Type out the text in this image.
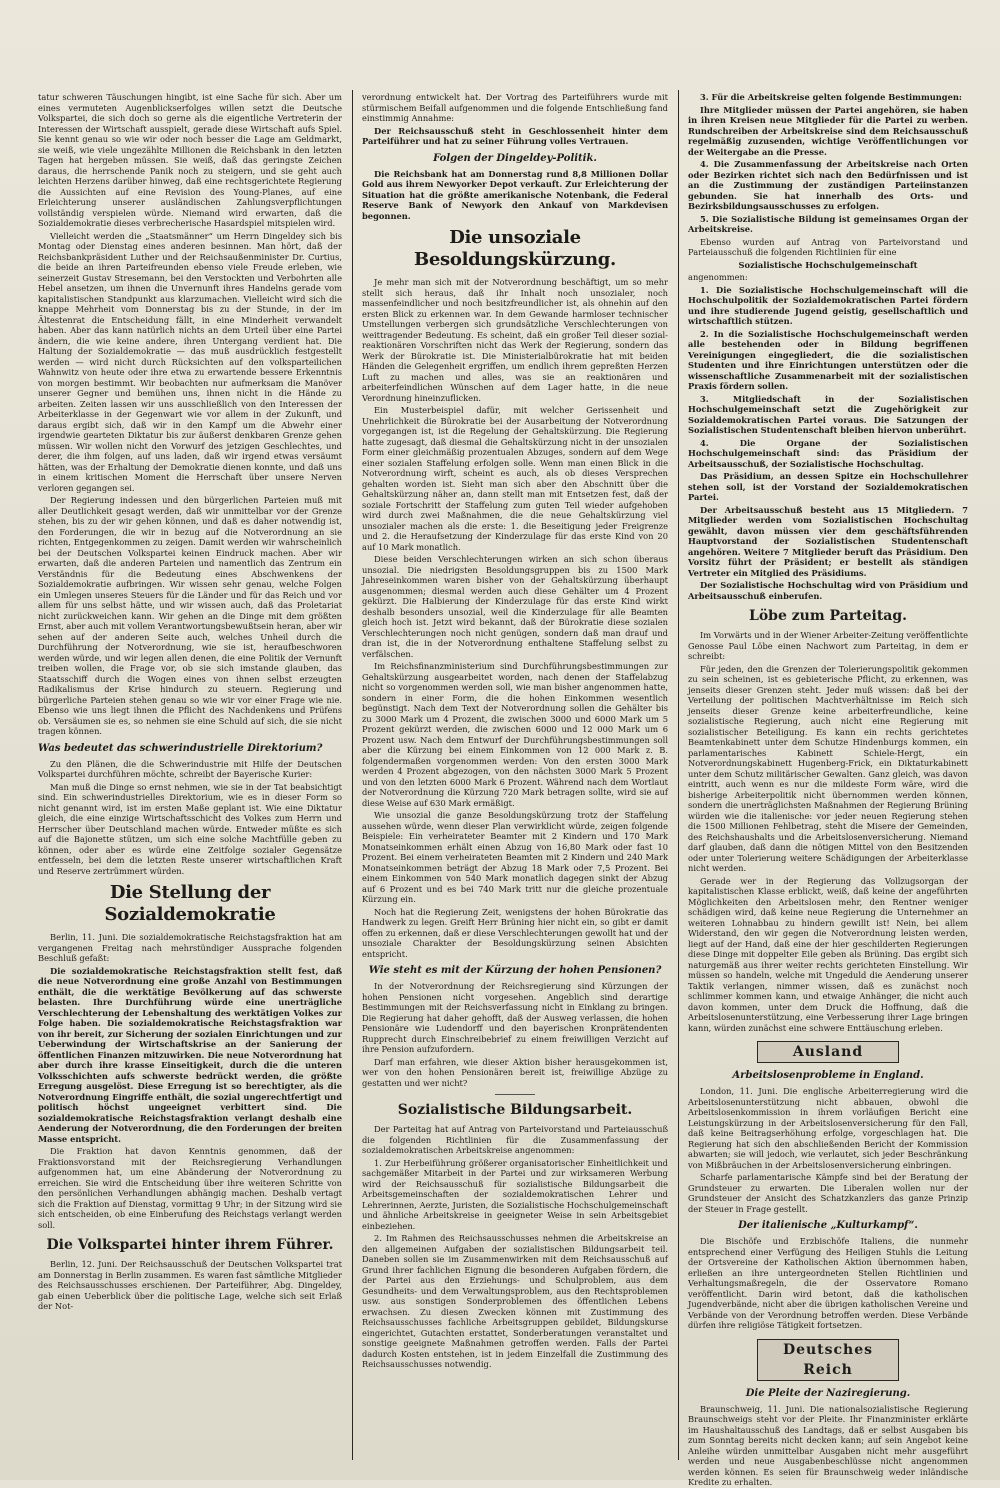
tatur schweren Täuschungen hingibt, ist eine Sache für sich. Aber um eines vermuteten Augenblickserfolges willen setzt die Deutsche Volkspartei, die sich doch so gerne als die eigentliche Vertreterin der Interessen der Wirtschaft ausspielt, gerade diese Wirtschaft aufs Spiel. Sie kennt genau so wie wir oder noch besser die Lage am Geldmarkt, sie weiß, wie viele ungezählte Millionen die Reichsbank in den letzten Tagen hat hergeben müssen. Sie weiß, daß das geringste Zeichen daraus, die herrschende Panik noch zu steigern, und sie geht auch leichten Herzens darüber hinweg, daß eine rechtsgerichtete Regierung die Aussichten auf eine Revision des Young-Planes, auf eine Erleichterung unserer ausländischen Zahlungsverpflichtungen vollständig verspielen würde. Niemand wird erwarten, daß die Sozialdemokratie dieses verbrecherische Hasardspiel mitspielen wird.

Vielleicht werden die „Staatsmänner“ um Herrn Dingeldey sich bis Montag oder Dienstag eines anderen besinnen. Man hört, daß der Reichsbankpräsident Luther und der Reichsaußenminister Dr. Curtius, die beide an ihren Parteifreunden ebenso viele Freude erleben, wie seinerzeit Gustav Stresemann, bei den Verstockten und Verbohrten alle Hebel ansetzen, um ihnen die Unvernunft ihres Handelns gerade vom kapitalistischen Standpunkt aus klarzumachen. Vielleicht wird sich die knappe Mehrheit vom Donnerstag bis zu der Stunde, in der im Ältestenrat die Entscheidung fällt, in eine Minderheit verwandelt haben. Aber das kann natürlich nichts an dem Urteil über eine Partei ändern, die wie keine andere, ihren Untergang verdient hat. Die Haltung der Sozialdemokratie — das muß ausdrücklich festgestellt werden — wird nicht durch Rücksichten auf den volksparteilichen Wahnwitz von heute oder ihre etwa zu erwartende bessere Erkenntnis von morgen bestimmt. Wir beobachten nur aufmerksam die Manöver unserer Gegner und bemühen uns, ihnen nicht in die Hände zu arbeiten. Zeiten lassen wir uns ausschließlich von den Interessen der Arbeiterklasse in der Gegenwart wie vor allem in der Zukunft, und daraus ergibt sich, daß wir in den Kampf um die Abwehr einer irgendwie gearteten Diktatur bis zur äußerst denkbaren Grenze gehen müssen. Wir wollen nicht den Vorwurf des jetzigen Geschlechtes, und derer, die ihm folgen, auf uns laden, daß wir irgend etwas versäumt hätten, was der Erhaltung der Demokratie dienen konnte, und daß uns in einem kritischen Moment die Herrschaft über unsere Nerven verloren gegangen sei.

Der Regierung indessen und den bürgerlichen Parteien muß mit aller Deutlichkeit gesagt werden, daß wir unmittelbar vor der Grenze stehen, bis zu der wir gehen können, und daß es daher notwendig ist, den Forderungen, die wir in bezug auf die Notverordnung an sie richten, Entgegenkommen zu zeigen. Damit werden wir wahrscheinlich bei der Deutschen Volkspartei keinen Eindruck machen. Aber wir erwarten, daß die anderen Parteien und namentlich das Zentrum ein Verständnis für die Bedeutung eines Abschwenkens der Sozialdemokratie aufbringen. Wir wissen sehr genau, welche Folgen ein Umlegen unseres Steuers für die Länder und für das Reich und vor allem für uns selbst hätte, und wir wissen auch, daß das Proletariat nicht zurückweichen kann. Wir gehen an die Dinge mit dem größten Ernst, aber auch mit vollem Verantwortungsbewußtsein heran, aber wir sehen auf der anderen Seite auch, welches Unheil durch die Durchführung der Notverordnung, wie sie ist, heraufbeschworen werden würde, und wir legen allen denen, die eine Politik der Vernunft treiben wollen, die Frage vor, ob sie sich imstande glauben, das Staatsschiff durch die Wogen eines von ihnen selbst erzeugten Radikalismus der Krise hindurch zu steuern. Regierung und bürgerliche Parteien stehen genau so wie wir vor einer Frage wie nie. Ebenso wie uns liegt ihnen die Pflicht des Nachdenkens und Prüfens ob. Versäumen sie es, so nehmen sie eine Schuld auf sich, die sie nicht tragen können.

Was bedeutet das schwerindustrielle Direktorium?

Zu den Plänen, die die Schwerindustrie mit Hilfe der Deutschen Volkspartei durchführen möchte, schreibt der Bayerische Kurier:

Man muß die Dinge so ernst nehmen, wie sie in der Tat beabsichtigt sind. Ein schwerindustrielles Direktorium, wie es in dieser Form so nicht genannt wird, ist im ersten Maße geplant ist. Wie eine Diktatur gleich, die eine einzige Wirtschaftsschicht des Volkes zum Herrn und Herrscher über Deutschland machen würde. Entweder müßte es sich auf die Bajonette stützen, um sich eine solche Machtfülle geben zu können, oder aber es würde eine Zeitfolge sozialer Gegensätze entfesseln, bei dem die letzten Reste unserer wirtschaftlichen Kraft und Reserve zertrümmert würden.

Die Stellung der Sozialdemokratie

Berlin, 11. Juni. Die sozialdemokratische Reichstagsfraktion hat am vergangenen Freitag nach mehrstündiger Aussprache folgenden Beschluß gefaßt:

Die sozialdemokratische Reichstagsfraktion stellt fest, daß die neue Notverordnung eine große Anzahl von Bestimmungen enthält, die die werktätige Bevölkerung auf das schwerste belasten. Ihre Durchführung würde eine unerträgliche Verschlechterung der Lebenshaltung des werktätigen Volkes zur Folge haben. Die sozialdemokratische Reichstagsfraktion war von ihr bereit, zur Sicherung der sozialen Einrichtungen und zur Ueberwindung der Wirtschaftskrise an der Sanierung der öffentlichen Finanzen mitzuwirken. Die neue Notverordnung hat aber durch ihre krasse Einseitigkeit, durch die die unteren Volksschichten aufs schwerste bedrückt werden, die größte Erregung ausgelöst. Diese Erregung ist so berechtigter, als die Notverordnung Eingriffe enthält, die sozial ungerechtfertigt und politisch höchst ungeeignet verbittert sind. Die sozialdemokratische Reichstagsfraktion verlangt deshalb eine Aenderung der Notverordnung, die den Forderungen der breiten Masse entspricht.

Die Fraktion hat davon Kenntnis genommen, daß der Fraktionsvorstand mit der Reichsregierung Verhandlungen aufgenommen hat, um eine Abänderung der Notverordnung zu erreichen. Sie wird die Entscheidung über ihre weiteren Schritte von den persönlichen Verhandlungen abhängig machen. Deshalb vertagt sich die Fraktion auf Dienstag, vormittag 9 Uhr; in der Sitzung wird sie sich entscheiden, ob eine Einberufung des Reichstags verlangt werden soll.

Die Volkspartei hinter ihrem Führer.

Berlin, 12. Juni. Der Reichsausschuß der Deutschen Volkspartei trat am Donnerstag in Berlin zusammen. Es waren fast sämtliche Mitglieder des Reichsausschusses erschienen. Der Parteiführer, Abg. Dingeldey, gab einen Ueberblick über die politische Lage, welche sich seit Erlaß der Not-

verordnung entwickelt hat. Der Vortrag des Parteiführers wurde mit stürmischem Beifall aufgenommen und die folgende Entschließung fand einstimmig Annahme:

Der Reichsausschuß steht in Geschlossenheit hinter dem Parteiführer und hat zu seiner Führung volles Vertrauen.

Folgen der Dingeldey-Politik.

Die Reichsbank hat am Donnerstag rund 8,8 Millionen Dollar Gold aus ihrem Newyorker Depot verkauft. Zur Erleichterung der Situation hat die größte amerikanische Notenbank, die Federal Reserve Bank of Newyork den Ankauf von Markdevisen begonnen.

Die unsoziale Besoldungskürzung.

Je mehr man sich mit der Notverordnung beschäftigt, um so mehr stellt sich heraus, daß ihr Inhalt noch unsozialer, noch massenfeindlicher und noch besitzfreundlicher ist, als ohnehin auf den ersten Blick zu erkennen war. In dem Gewande harmloser technischer Umstellungen verbergen sich grundsätzliche Verschlechterungen von weittragender Bedeutung. Es scheint, daß ein großer Teil dieser sozial-reaktionären Vorschriften nicht das Werk der Regierung, sondern das Werk der Bürokratie ist. Die Ministerialbürokratie hat mit beiden Händen die Gelegenheit ergriffen, um endlich ihrem gepreßten Herzen Luft zu machen und alles, was sie an reaktionären und arbeiterfeindlichen Wünschen auf dem Lager hatte, in die neue Verordnung hineinzuflicken.

Ein Musterbeispiel dafür, mit welcher Gerissenheit und Unehrlichkeit die Bürokratie bei der Ausarbeitung der Notverordnung vorgegangen ist, ist die Regelung der Gehaltskürzung. Die Regierung hatte zugesagt, daß diesmal die Gehaltskürzung nicht in der unsozialen Form einer gleichmäßig prozentualen Abzuges, sondern auf dem Wege einer sozialen Staffelung erfolgen solle. Wenn man einen Blick in die Notverordnung wirft, scheint es auch, als ob dieses Versprechen gehalten worden ist. Sieht man sich aber den Abschnitt über die Gehaltskürzung näher an, dann stellt man mit Entsetzen fest, daß der soziale Fortschritt der Staffelung zum guten Teil wieder aufgehoben wird durch zwei Maßnahmen, die die neue Gehaltskürzung viel unsozialer machen als die erste: 1. die Beseitigung jeder Freigrenze und 2. die Heraufsetzung der Kinderzulage für das erste Kind von 20 auf 10 Mark monatlich.

Diese beiden Verschlechterungen wirken an sich schon überaus unsozial. Die niedrigsten Besoldungsgruppen bis zu 1500 Mark Jahreseinkommen waren bisher von der Gehaltskürzung überhaupt ausgenommen; diesmal werden auch diese Gehälter um 4 Prozent gekürzt. Die Halbierung der Kinderzulage für das erste Kind wirkt deshalb besonders unsozial, weil die Kinderzulage für alle Beamten gleich hoch ist. Jetzt wird bekannt, daß der Bürokratie diese sozialen Verschlechterungen noch nicht genügen, sondern daß man drauf und dran ist, die in der Notverordnung enthaltene Staffelung selbst zu verfälschen.

Im Reichsfinanzministerium sind Durchführungsbestimmungen zur Gehaltskürzung ausgearbeitet worden, nach denen der Staffelabzug nicht so vorgenommen werden soll, wie man bisher angenommen hatte, sondern in einer Form, die die hohen Einkommen wesentlich begünstigt. Nach dem Text der Notverordnung sollen die Gehälter bis zu 3000 Mark um 4 Prozent, die zwischen 3000 und 6000 Mark um 5 Prozent gekürzt werden, die zwischen 6000 und 12 000 Mark um 6 Prozent usw. Nach dem Entwurf der Durchführungsbestimmungen soll aber die Kürzung bei einem Einkommen von 12 000 Mark z. B. folgendermaßen vorgenommen werden: Von den ersten 3000 Mark werden 4 Prozent abgezogen, von den nächsten 3000 Mark 5 Prozent und von den letzten 6000 Mark 6 Prozent. Während nach dem Wortlaut der Notverordnung die Kürzung 720 Mark betragen sollte, wird sie auf diese Weise auf 630 Mark ermäßigt.

Wie unsozial die ganze Besoldungskürzung trotz der Staffelung aussehen würde, wenn dieser Plan verwirklicht würde, zeigen folgende Beispiele: Ein verheirateter Beamter mit 2 Kindern und 170 Mark Monatseinkommen erhält einen Abzug von 16,80 Mark oder fast 10 Prozent. Bei einem verheirateten Beamten mit 2 Kindern und 240 Mark Monatseinkommen beträgt der Abzug 18 Mark oder 7,5 Prozent. Bei einem Einkommen von 540 Mark monatlich dagegen sinkt der Abzug auf 6 Prozent und es bei 740 Mark tritt nur die gleiche prozentuale Kürzung ein.

Noch hat die Regierung Zeit, wenigstens der hohen Bürokratie das Handwerk zu legen. Greift Herr Brüning hier nicht ein, so gibt er damit offen zu erkennen, daß er diese Verschlechterungen gewollt hat und der unsoziale Charakter der Besoldungskürzung seinen Absichten entspricht.

Wie steht es mit der Kürzung der hohen Pensionen?

In der Notverordnung der Reichsregierung sind Kürzungen der hohen Pensionen nicht vorgesehen. Angeblich sind derartige Bestimmungen mit der Reichsverfassung nicht in Einklang zu bringen. Die Regierung hat daher gehofft, daß der Ausweg verlassen, die hohen Pensionäre wie Ludendorff und den bayerischen Kronprätendenten Rupprecht durch Einschreibebrief zu einem freiwilligen Verzicht auf ihre Pension aufzufordern.

Darf man erfahren, wie dieser Aktion bisher herausgekommen ist, wer von den hohen Pensionären bereit ist, freiwillige Abzüge zu gestatten und wer nicht?

Sozialistische Bildungsarbeit.

Der Parteitag hat auf Antrag von Parteivorstand und Parteiausschuß die folgenden Richtlinien für die Zusammenfassung der sozialdemokratischen Arbeitskreise angenommen:

1. Zur Herbeiführung größerer organisatorischer Einheitlichkeit und sachgemäßer Mitarbeit in der Partei und zur wirksameren Werbung wird der Reichsausschuß für sozialistische Bildungsarbeit die Arbeitsgemeinschaften der sozialdemokratischen Lehrer und Lehrerinnen, Aerzte, Juristen, die Sozialistische Hochschulgemeinschaft und ähnliche Arbeitskreise in geeigneter Weise in sein Arbeitsgebiet einbeziehen.

2. Im Rahmen des Reichsausschusses nehmen die Arbeitskreise an den allgemeinen Aufgaben der sozialistischen Bildungsarbeit teil. Daneben sollen sie im Zusammenwirken mit dem Reichsausschuß auf Grund ihrer fachlichen Eignung die besonderen Aufgaben fördern, die der Partei aus den Erziehungs- und Schulproblem, aus dem Gesundheits- und dem Verwaltungsproblem, aus den Rechtsproblemen usw. aus sonstigen Sonderproblemen des öffentlichen Lebens erwachsen. Zu diesen Zwecken können mit Zustimmung des Reichsausschusses fachliche Arbeitsgruppen gebildet, Bildungskurse eingerichtet, Gutachten erstattet, Sonderberatungen veranstaltet und sonstige geeignete Maßnahmen getroffen werden. Falls der Partei dadurch Kosten entstehen, ist in jedem Einzelfall die Zustimmung des Reichsausschusses notwendig.

3. Für die Arbeitskreise gelten folgende Bestimmungen:

Ihre Mitglieder müssen der Partei angehören, sie haben in ihren Kreisen neue Mitglieder für die Partei zu werben. Rundschreiben der Arbeitskreise sind dem Reichsausschuß regelmäßig zuzusenden, wichtige Veröffentlichungen vor der Weitergabe an die Presse.

4. Die Zusammenfassung der Arbeitskreise nach Orten oder Bezirken richtet sich nach den Bedürfnissen und ist an die Zustimmung der zuständigen Parteiinstanzen gebunden. Sie hat innerhalb des Orts- und Bezirksbildungsausschusses zu erfolgen.

5. Die Sozialistische Bildung ist gemeinsames Organ der Arbeitskreise.

Ebenso wurden auf Antrag von Parteivorstand und Parteiausschuß die folgenden Richtlinien für eine

Sozialistische Hochschulgemeinschaft

angenommen:

1. Die Sozialistische Hochschulgemeinschaft will die Hochschulpolitik der Sozialdemokratischen Partei fördern und ihre studierende Jugend geistig, gesellschaftlich und wirtschaftlich stützen.

2. In die Sozialistische Hochschulgemeinschaft werden alle bestehenden oder in Bildung begriffenen Vereinigungen eingegliedert, die die sozialistischen Studenten und ihre Einrichtungen unterstützen oder die wissenschaftliche Zusammenarbeit mit der sozialistischen Praxis fördern sollen.

3. Mitgliedschaft in der Sozialistischen Hochschulgemeinschaft setzt die Zugehörigkeit zur Sozialdemokratischen Partei voraus. Die Satzungen der Sozialistischen Studentenschaft bleiben hiervon unberührt.

4. Die Organe der Sozialistischen Hochschulgemeinschaft sind: das Präsidium der Arbeitsausschuß, der Sozialistische Hochschultag.

Das Präsidium, an dessen Spitze ein Hochschullehrer stehen soll, ist der Vorstand der Sozialdemokratischen Partei.

Der Arbeitsausschuß besteht aus 15 Mitgliedern. 7 Mitglieder werden vom Sozialistischen Hochschultag gewählt, davon müssen vier dem geschäftsführenden Hauptvorstand der Sozialistischen Studentenschaft angehören. Weitere 7 Mitglieder beruft das Präsidium. Den Vorsitz führt der Präsident; er bestellt als ständigen Vertreter ein Mitglied des Präsidiums.

Der Sozialistische Hochschultag wird von Präsidium und Arbeitsausschuß einberufen.

Löbe zum Parteitag.

Im Vorwärts und in der Wiener Arbeiter-Zeitung veröffentlichte Genosse Paul Löbe einen Nachwort zum Parteitag, in dem er schreibt:

Für jeden, den die Grenzen der Tolerierungspolitik gekommen zu sein scheinen, ist es gebieterische Pflicht, zu erkennen, was jenseits dieser Grenzen steht. Jeder muß wissen: daß bei der Verteilung der politischen Machtverhältnisse im Reich sich jenseits dieser Grenze keine arbeiterfreundliche, keine sozialistische Regierung, auch nicht eine Regierung mit sozialistischer Beteiligung. Es kann ein rechts gerichtetes Beamtenkabinett unter dem Schutze Hindenburgs kommen, ein parlamentarisches Kabinett Schiele-Hergt, ein Notverordnungskabinett Hugenberg-Frick, ein Diktaturkabinett unter dem Schutz militärischer Gewalten. Ganz gleich, was davon eintritt, auch wenn es nur die mildeste Form wäre, wird die bisherige Arbeiterpolitik nicht übernommen werden können, sondern die unerträglichsten Maßnahmen der Regierung Brüning würden wie die italienische: vor jeder neuen Regierung stehen die 1500 Millionen Fehlbetrag, steht die Misere der Gemeinden, des Reichshaushalts und die Arbeitslosenversicherung. Niemand darf glauben, daß dann die nötigen Mittel von den Besitzenden oder unter Tolerierung weitere Schädigungen der Arbeiterklasse nicht werden.

Gerade wer in der Regierung das Vollzugsorgan der kapitalistischen Klasse erblickt, weiß, daß keine der angeführten Möglichkeiten den Arbeitslosen mehr, den Rentner weniger schädigen wird, daß keine neue Regierung die Unternehmer an weiteren Lohnabbau zu hindern gewillt ist! Nein, bei allem Widerstand, den wir gegen die Notverordnung leisten werden, liegt auf der Hand, daß eine der hier geschilderten Regierungen diese Dinge mit doppelter Eile geben als Brüning. Das ergibt sich naturgemäß aus ihrer weiter rechts gerichteten Einstellung. Wir müssen so handeln, welche mit Ungeduld die Aenderung unserer Taktik verlangen, nimmer wissen, daß es zunächst noch schlimmer kommen kann, und etwaige Anhänger, die nicht auch davon kommen, unter dem Druck die Hoffnung, daß die Arbeitslosenunterstützung, eine Verbesserung ihrer Lage bringen kann, würden zunächst eine schwere Enttäuschung erleben.

Ausland
Arbeitslosenprobleme in England.

London, 11. Juni. Die englische Arbeiterregierung wird die Arbeitslosenunterstützung nicht abbauen, obwohl die Arbeitslosenkommission in ihrem vorläufigen Bericht eine Leistungskürzung in der Arbeitslosenversicherung für den Fall, daß keine Beitragserhöhung erfolge, vorgeschlagen hat. Die Regierung hat sich den abschließenden Bericht der Kommission abwarten; sie will jedoch, wie verlautet, sich jeder Beschränkung von Mißbräuchen in der Arbeitslosenversicherung einbringen.

Scharfe parlamentarische Kämpfe sind bei der Beratung der Grundsteuer zu erwarten. Die Liberalen wollen nur der Grundsteuer der Ansicht des Schatzkanzlers das ganze Prinzip der Steuer in Frage gestellt.

Der italienische „Kulturkampf“.

Die Bischöfe und Erzbischöfe Italiens, die nunmehr entsprechend einer Verfügung des Heiligen Stuhls die Leitung der Ortsvereine der Katholischen Aktion übernommen haben, erließen an ihre untergeordneten Stellen Richtlinien und Verhaltungsmaßregeln, die der Osservatore Romano veröffentlicht. Darin wird betont, daß die katholischen Jugendverbände, nicht aber die übrigen katholischen Vereine und Verbände von der Verordnung betroffen werden. Diese Verbände dürfen ihre religiöse Tätigkeit fortsetzen.

Deutsches Reich
Die Pleite der Naziregierung.

Braunschweig, 11. Juni. Die nationalsozialistische Regierung Braunschweigs steht vor der Pleite. Ihr Finanzminister erklärte im Haushaltausschuß des Landtags, daß er selbst Ausgaben bis zum Sonntag bereits nicht decken kann; auf sein Angebot keine Anleihe würden unmittelbar Ausgaben nicht mehr ausgeführt werden und neue Ausgabenbeschlüsse nicht angenommen werden können. Es seien für Braunschweig weder inländische Kredite zu erhalten.
